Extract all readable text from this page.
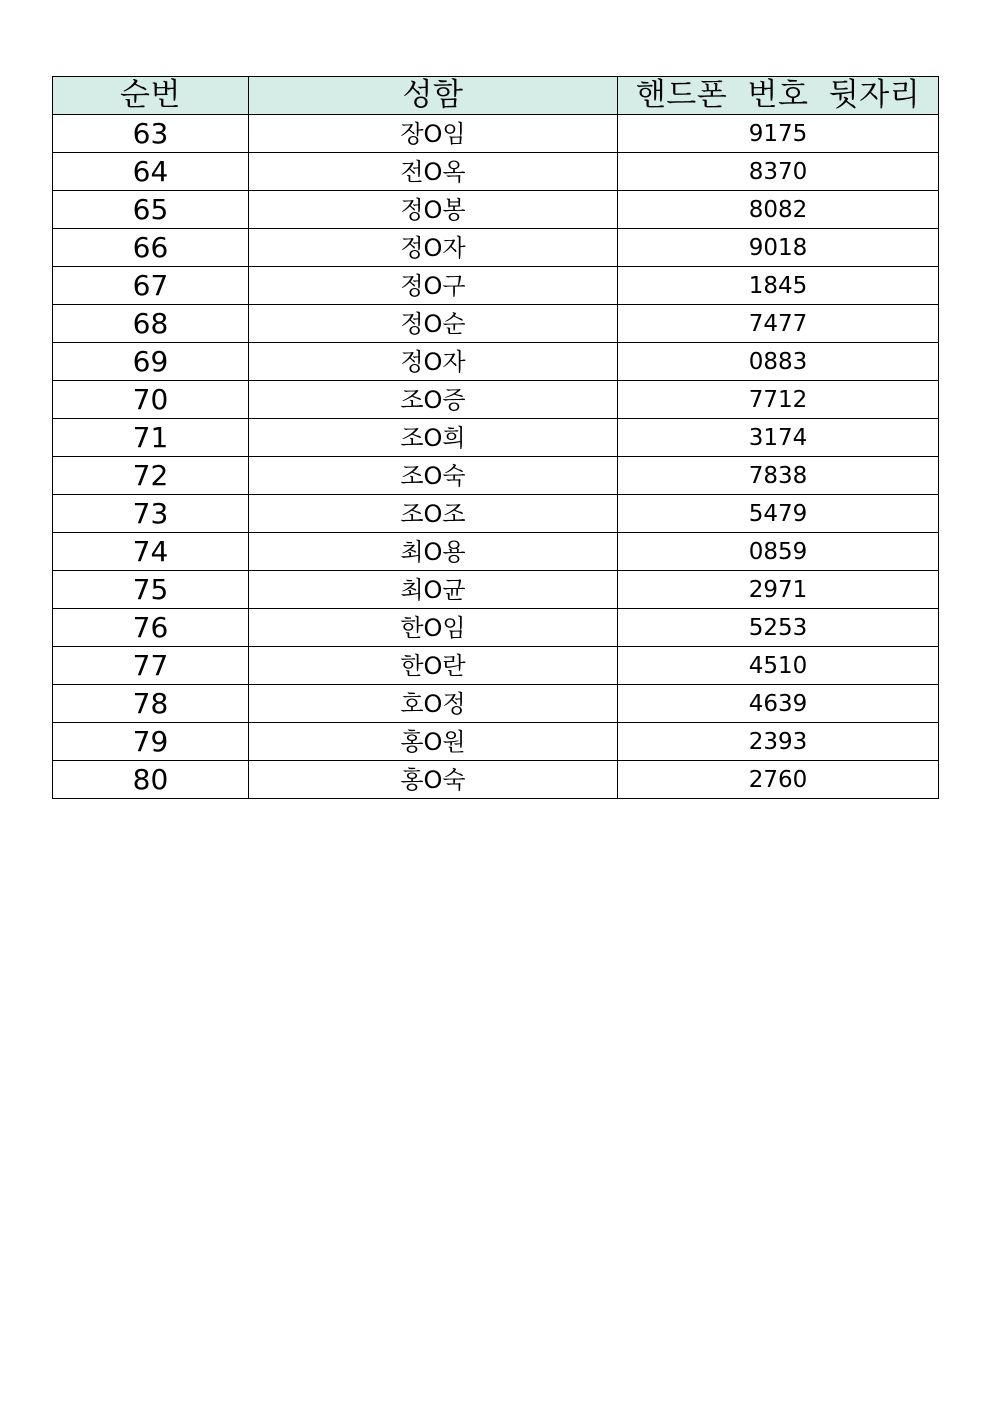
순번	성함	핸드폰 번호 뒷자리
63	장O임	9175
64	전O옥	8370
65	정O봉	8082
66	정O자	9018
67	정O구	1845
68	정O순	7477
69	정O자	0883
70	조O증	7712
71	조O희	3174
72	조O숙	7838
73	조O조	5479
74	최O용	0859
75	최O균	2971
76	한O임	5253
77	한O란	4510
78	호O정	4639
79	홍O원	2393
80	홍O숙	2760
